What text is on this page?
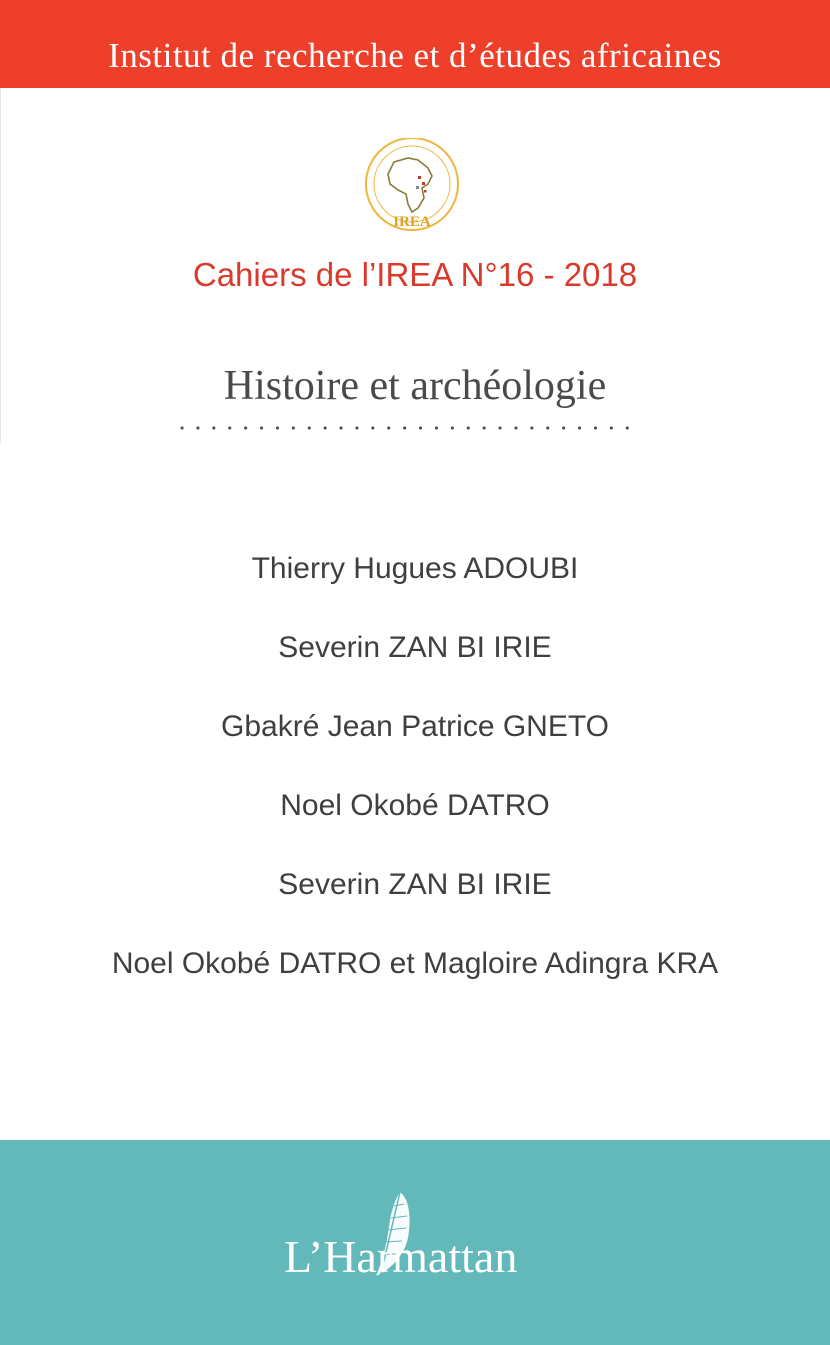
Institut de recherche et d’études africaines
IREA
Cahiers de l’IREA N°16 - 2018
Histoire et archéologie
Thierry Hugues ADOUBI
Severin ZAN BI IRIE
Gbakré Jean Patrice GNETO
Noel Okobé DATRO
Severin ZAN BI IRIE
Noel Okobé DATRO et Magloire Adingra KRA
L’Harmattan
